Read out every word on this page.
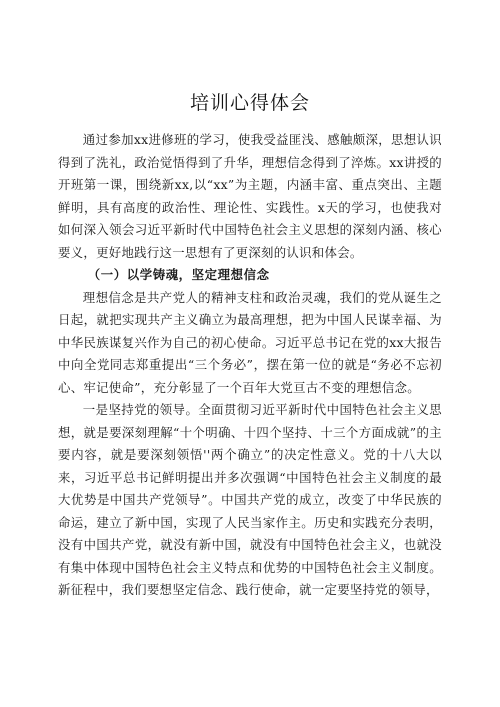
培训心得体会

通过参加xx进修班的学习，使我受益匪浅、感触颇深，思想认识得到了洗礼，政治觉悟得到了升华，理想信念得到了淬炼。xx讲授的开班第一课，围绕新xx,以“xx”为主题，内涵丰富、重点突出、主题鲜明，具有高度的政治性、理论性、实践性。x天的学习，也使我对如何深入领会习近平新时代中国特色社会主义思想的深刻内涵、核心要义，更好地践行这一思想有了更深刻的认识和体会。

（一）以学铸魂，坚定理想信念

理想信念是共产党人的精神支柱和政治灵魂，我们的党从诞生之日起，就把实现共产主义确立为最高理想，把为中国人民谋幸福、为中华民族谋复兴作为自己的初心使命。习近平总书记在党的xx大报告中向全党同志郑重提出“三个务必”，摆在第一位的就是“务必不忘初心、牢记使命”，充分彰显了一个百年大党亘古不变的理想信念。

一是坚持党的领导。全面贯彻习近平新时代中国特色社会主义思想，就是要深刻理解“十个明确、十四个坚持、十三个方面成就”的主要内容，就是要深刻领悟''两个确立”的决定性意义。党的十八大以来，习近平总书记鲜明提出并多次强调“中国特色社会主义制度的最大优势是中国共产党领导”。中国共产党的成立，改变了中华民族的命运，建立了新中国，实现了人民当家作主。历史和实践充分表明，没有中国共产党，就没有新中国，就没有中国特色社会主义，也就没有集中体现中国特色社会主义特点和优势的中国特色社会主义制度。新征程中，我们要想坚定信念、践行使命，就一定要坚持党的领导，
